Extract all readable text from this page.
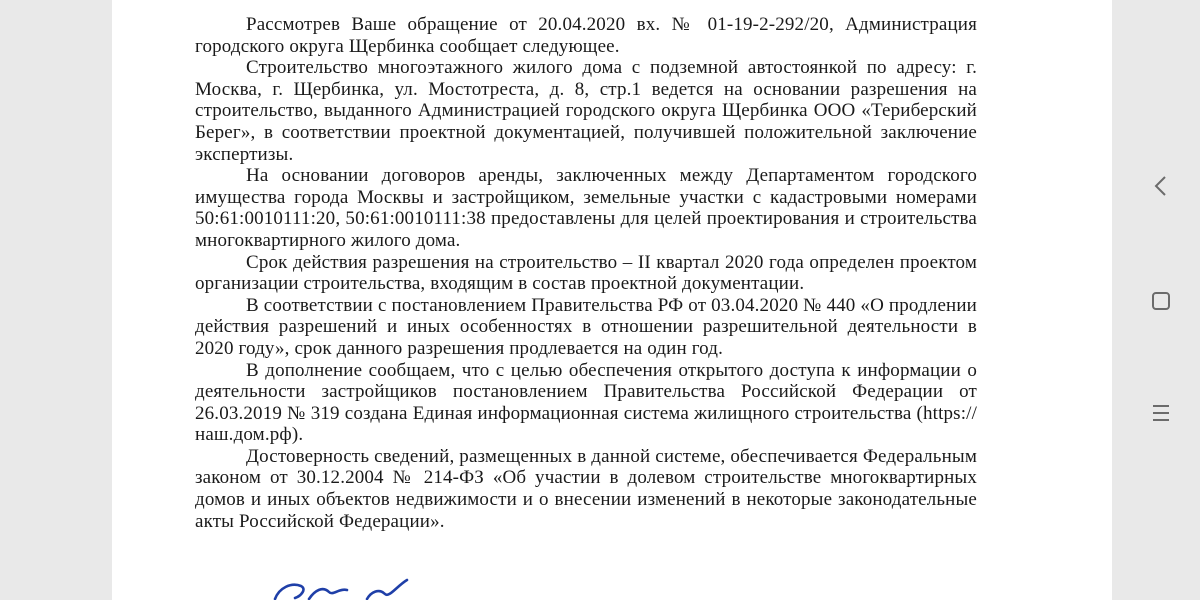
Рассмотрев Ваше обращение от 20.04.2020 вх. № 01-19-2-292/20, Администрация городского округа Щербинка сообщает следующее.

Строительство многоэтажного жилого дома с подземной автостоянкой по адресу: г. Москва, г. Щербинка, ул. Мостотреста, д. 8, стр.1 ведется на основании разрешения на строительство, выданного Администрацией городского округа Щербинка ООО «Териберский Берег», в соответствии проектной документацией, получившей положительной заключение экспертизы.

На основании договоров аренды, заключенных между Департаментом городского имущества города Москвы и застройщиком, земельные участки с кадастровыми номерами 50:61:0010111:20, 50:61:0010111:38 предоставлены для целей проектирования и строительства многоквартирного жилого дома.

Срок действия разрешения на строительство – II квартал 2020 года определен проектом организации строительства, входящим в состав проектной документации.

В соответствии с постановлением Правительства РФ от 03.04.2020 № 440 «О продлении действия разрешений и иных особенностях в отношении разрешительной деятельности в 2020 году», срок данного разрешения продлевается на один год.

В дополнение сообщаем, что с целью обеспечения открытого доступа к информации о деятельности застройщиков постановлением Правительства Российской Федерации от 26.03.2019 № 319 создана Единая информационная система жилищного строительства (https://наш.дом.рф).

Достоверность сведений, размещенных в данной системе, обеспечивается Федеральным законом от 30.12.2004 № 214-ФЗ «Об участии в долевом строительстве многоквартирных домов и иных объектов недвижимости и о внесении изменений в некоторые законодательные акты Российской Федерации».
